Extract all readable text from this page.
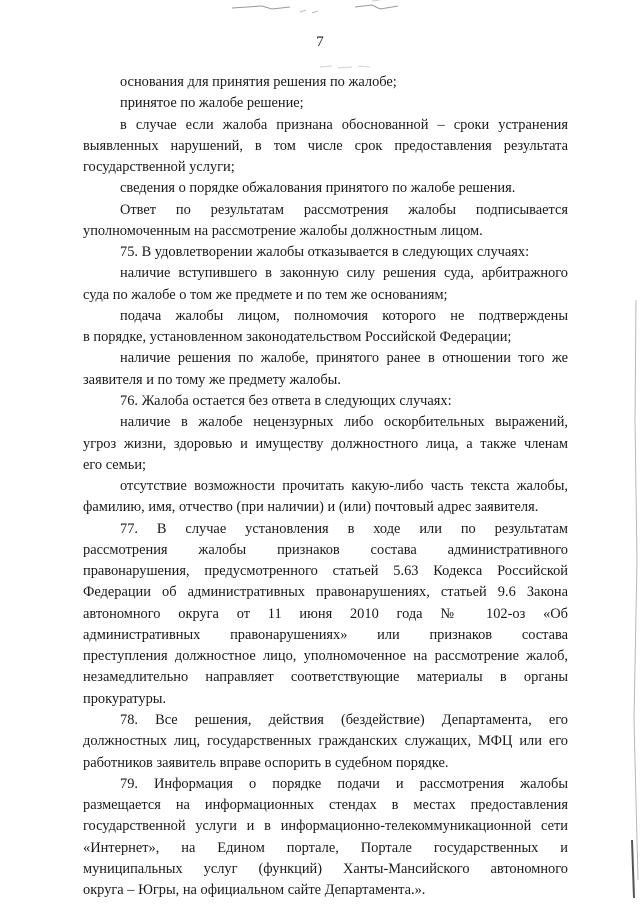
7
основания для принятия решения по жалобе;
принятое по жалобе решение;
в случае если жалоба признана обоснованной – сроки устранения
выявленных нарушений, в том числе срок предоставления результата
государственной услуги;
сведения о порядке обжалования принятого по жалобе решения.
Ответ по результатам рассмотрения жалобы подписывается
уполномоченным на рассмотрение жалобы должностным лицом.
75. В удовлетворении жалобы отказывается в следующих случаях:
наличие вступившего в законную силу решения суда, арбитражного
суда по жалобе о том же предмете и по тем же основаниям;
подача жалобы лицом, полномочия которого не подтверждены
в порядке, установленном законодательством Российской Федерации;
наличие решения по жалобе, принятого ранее в отношении того же
заявителя и по тому же предмету жалобы.
76. Жалоба остается без ответа в следующих случаях:
наличие в жалобе нецензурных либо оскорбительных выражений,
угроз жизни, здоровью и имуществу должностного лица, а также членам
его семьи;
отсутствие возможности прочитать какую-либо часть текста жалобы,
фамилию, имя, отчество (при наличии) и (или) почтовый адрес заявителя.
77. В случае установления в ходе или по результатам
рассмотрения жалобы признаков состава административного
правонарушения, предусмотренного статьей 5.63 Кодекса Российской
Федерации об административных правонарушениях, статьей 9.6 Закона
автономного округа от 11 июня 2010 года № 102-оз «Об
административных правонарушениях» или признаков состава
преступления должностное лицо, уполномоченное на рассмотрение жалоб,
незамедлительно направляет соответствующие материалы в органы
прокуратуры.
78. Все решения, действия (бездействие) Департамента, его
должностных лиц, государственных гражданских служащих, МФЦ или его
работников заявитель вправе оспорить в судебном порядке.
79. Информация о порядке подачи и рассмотрения жалобы
размещается на информационных стендах в местах предоставления
государственной услуги и в информационно-телекоммуникационной сети
«Интернет», на Едином портале, Портале государственных и
муниципальных услуг (функций) Ханты-Мансийского автономного
округа – Югры, на официальном сайте Департамента.».
